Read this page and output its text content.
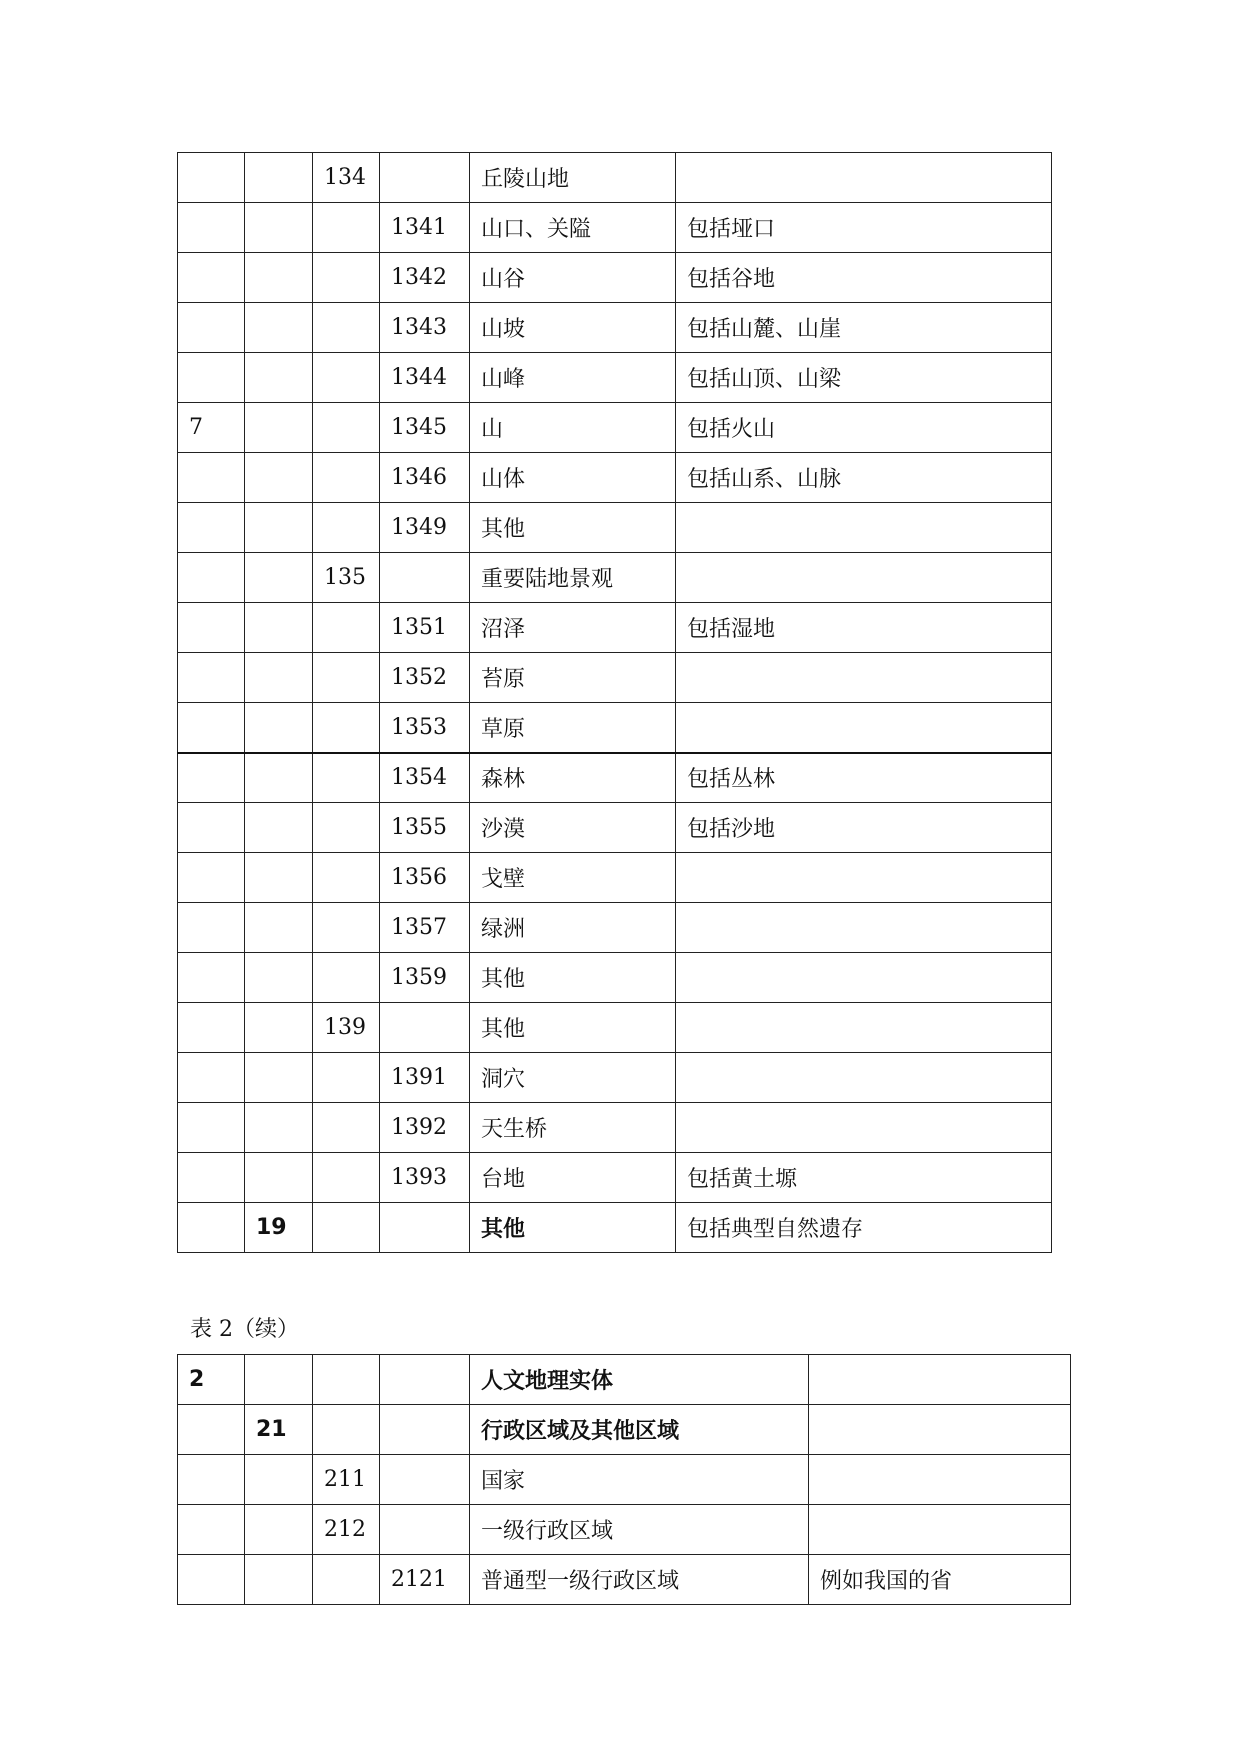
		134		丘陵山地	
			1341	山口、关隘	包括垭口
			1342	山谷	包括谷地
			1343	山坡	包括山麓、山崖
			1344	山峰	包括山顶、山梁
7			1345	山	包括火山
			1346	山体	包括山系、山脉
			1349	其他	
		135		重要陆地景观	
			1351	沼泽	包括湿地
			1352	苔原	
			1353	草原	
			1354	森林	包括丛林
			1355	沙漠	包括沙地
			1356	戈壁	
			1357	绿洲	
			1359	其他	
		139		其他	
			1391	洞穴	
			1392	天生桥	
			1393	台地	包括黄土塬
	19			其他	包括典型自然遗存
表 2（续）
2				人文地理实体	
	21			行政区域及其他区域	
		211		国家	
		212		一级行政区域	
			2121	普通型一级行政区域	例如我国的省
